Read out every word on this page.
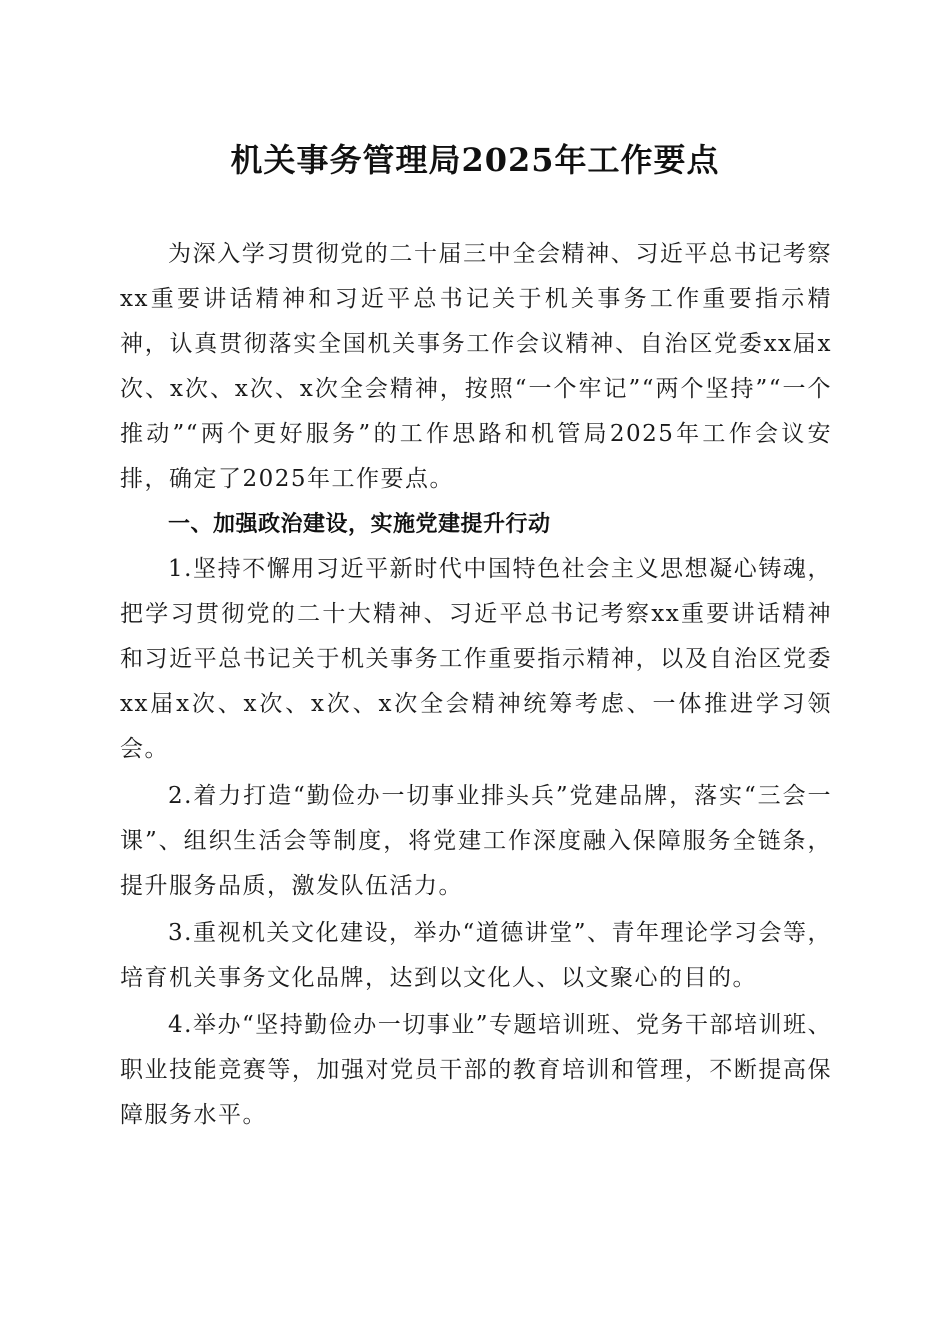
机关事务管理局2025年工作要点

为深入学习贯彻党的二十届三中全会精神、习近平总书记考察xx重要讲话精神和习近平总书记关于机关事务工作重要指示精神，认真贯彻落实全国机关事务工作会议精神、自治区党委xx届x次、x次、x次、x次全会精神，按照“一个牢记”“两个坚持”“一个推动”“两个更好服务”的工作思路和机管局2025年工作会议安排，确定了2025年工作要点。

一、加强政治建设，实施党建提升行动

1.坚持不懈用习近平新时代中国特色社会主义思想凝心铸魂，把学习贯彻党的二十大精神、习近平总书记考察xx重要讲话精神和习近平总书记关于机关事务工作重要指示精神，以及自治区党委xx届x次、x次、x次、x次全会精神统筹考虑、一体推进学习领会。

2.着力打造“勤俭办一切事业排头兵”党建品牌，落实“三会一课”、组织生活会等制度，将党建工作深度融入保障服务全链条，提升服务品质，激发队伍活力。

3.重视机关文化建设，举办“道德讲堂”、青年理论学习会等，培育机关事务文化品牌，达到以文化人、以文聚心的目的。

4.举办“坚持勤俭办一切事业”专题培训班、党务干部培训班、职业技能竞赛等，加强对党员干部的教育培训和管理，不断提高保障服务水平。
